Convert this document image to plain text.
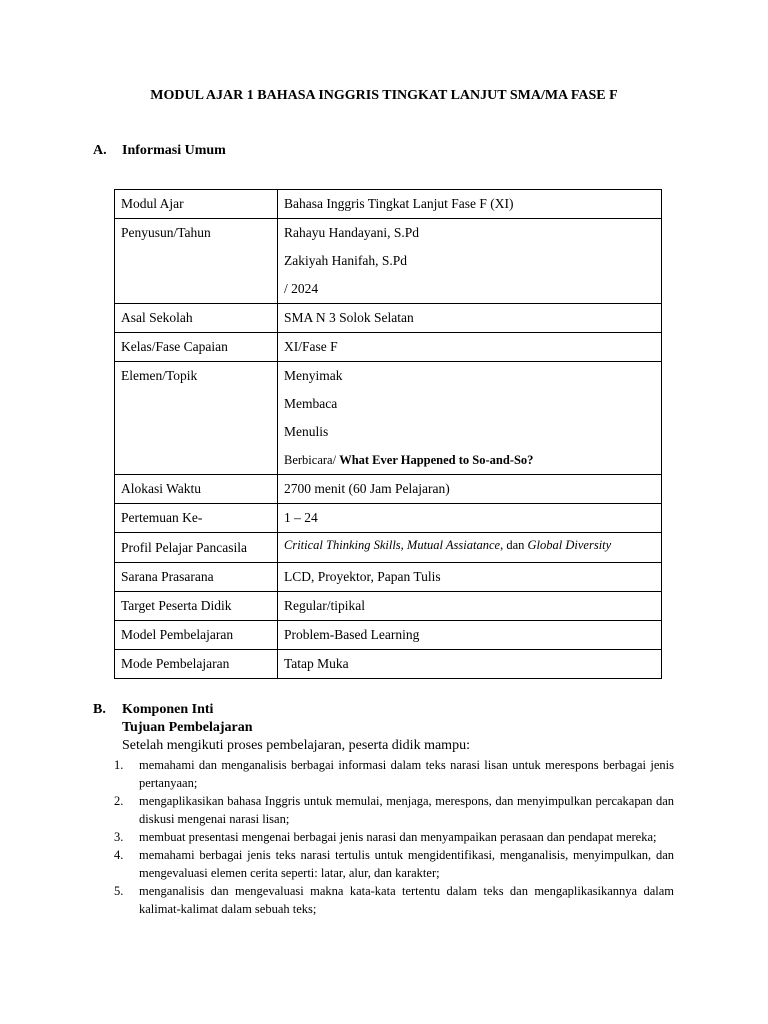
MODUL AJAR 1 BAHASA INGGRIS TINGKAT LANJUT SMA/MA FASE F
A. Informasi Umum
Modul Ajar	Bahasa Inggris Tingkat Lanjut Fase F (XI)
Penyusun/Tahun	Rahayu Handayani, S.Pd
Zakiyah Hanifah, S.Pd
/ 2024

Asal Sekolah	SMA N 3 Solok Selatan
Kelas/Fase Capaian	XI/Fase F
Elemen/Topik	Menyimak
Membaca
Menulis
Berbicara/ What Ever Happened to So-and-So?

Alokasi Waktu	2700 menit (60 Jam Pelajaran)
Pertemuan Ke-	1 – 24
Profil Pelajar Pancasila	Critical Thinking Skills, Mutual Assiatance, dan Global Diversity
Sarana Prasarana	LCD, Proyektor, Papan Tulis
Target Peserta Didik	Regular/tipikal
Model Pembelajaran	Problem-Based Learning
Mode Pembelajaran	Tatap Muka
B. Komponen Inti
Tujuan Pembelajaran
Setelah mengikuti proses pembelajaran, peserta didik mampu:
1. memahami dan menganalisis berbagai informasi dalam teks narasi lisan untuk merespons berbagai jenis pertanyaan;
2. mengaplikasikan bahasa Inggris untuk memulai, menjaga, merespons, dan menyimpulkan percakapan dan diskusi mengenai narasi lisan;
3. membuat presentasi mengenai berbagai jenis narasi dan menyampaikan perasaan dan pendapat mereka;
4. memahami berbagai jenis teks narasi tertulis untuk mengidentifikasi, menganalisis, menyimpulkan, dan mengevaluasi elemen cerita seperti: latar, alur, dan karakter;
5. menganalisis dan mengevaluasi makna kata-kata tertentu dalam teks dan mengaplikasikannya dalam kalimat-kalimat dalam sebuah teks;
